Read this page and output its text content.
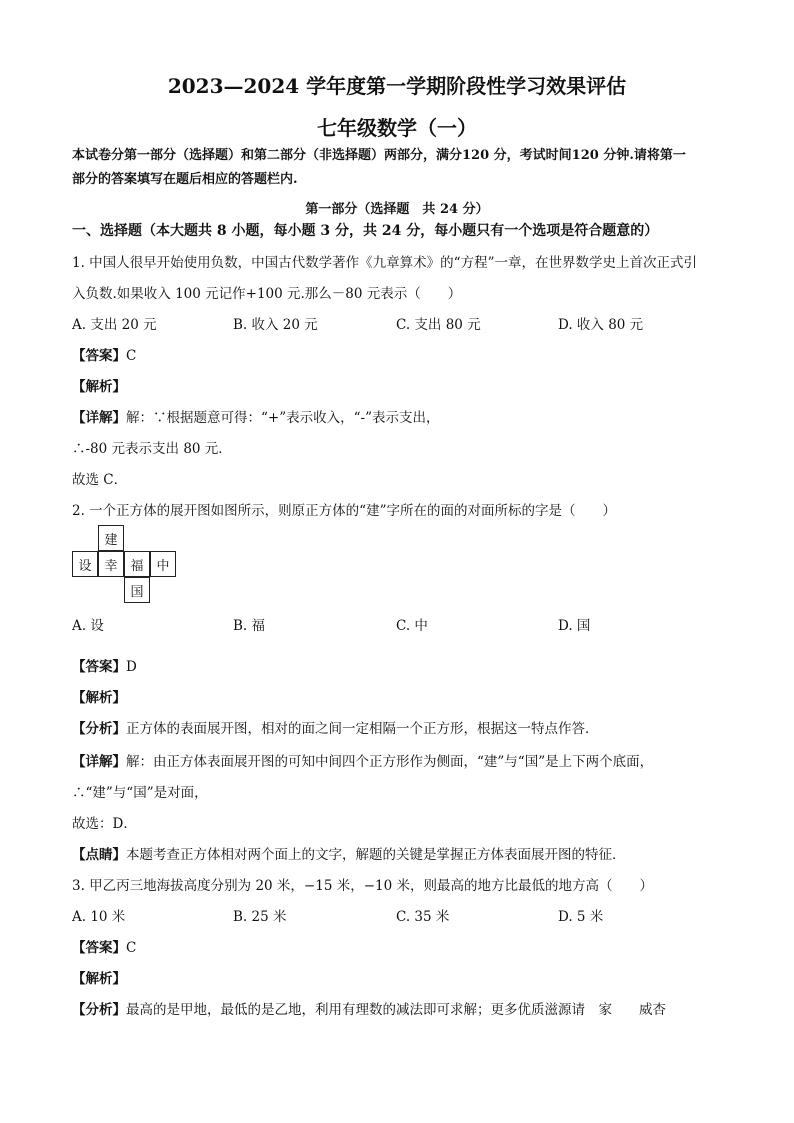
2023—2024 学年度第一学期阶段性学习效果评估
七年级数学（一）
本试卷分第一部分（选择题）和第二部分（非选择题）两部分，满分120 分，考试时间120 分钟.请将第一
部分的答案填写在题后相应的答题栏内.
第一部分（选择题　共 24 分）
一、选择题（本大题共 8 小题，每小题 3 分，共 24 分，每小题只有一个选项是符合题意的）
1. 中国人很早开始使用负数，中国古代数学著作《九章算术》的“方程”一章，在世界数学史上首次正式引
入负数.如果收入 100 元记作+100 元.那么－80 元表示（　　）
A. 支出 20 元	B. 收入 20 元	C. 支出 80 元	D. 收入 80 元
【答案】C
【解析】
【详解】解：∵根据题意可得：“+”表示收入，“-”表示支出，
∴-80 元表示支出 80 元．
故选 C．
2. 一个正方体的展开图如图所示，则原正方体的“建”字所在的面的对面所标的字是（　　）
建
设 幸 福 中
国
A. 设	B. 福	C. 中	D. 国
【答案】D
【解析】
【分析】正方体的表面展开图，相对的面之间一定相隔一个正方形，根据这一特点作答．
【详解】解：由正方体表面展开图的可知中间四个正方形作为侧面，“建”与“国”是上下两个底面，
∴“建”与“国”是对面，
故选：D．
【点睛】本题考查正方体相对两个面上的文字，解题的关键是掌握正方体表面展开图的特征．
3. 甲乙丙三地海拔高度分别为 20 米，−15 米，−10 米，则最高的地方比最低的地方高（　　）
A. 10 米	B. 25 米	C. 35 米	D. 5 米
【答案】C
【解析】
【分析】最高的是甲地，最低的是乙地，利用有理数的减法即可求解；更多优质滋源请　家　　威杏
